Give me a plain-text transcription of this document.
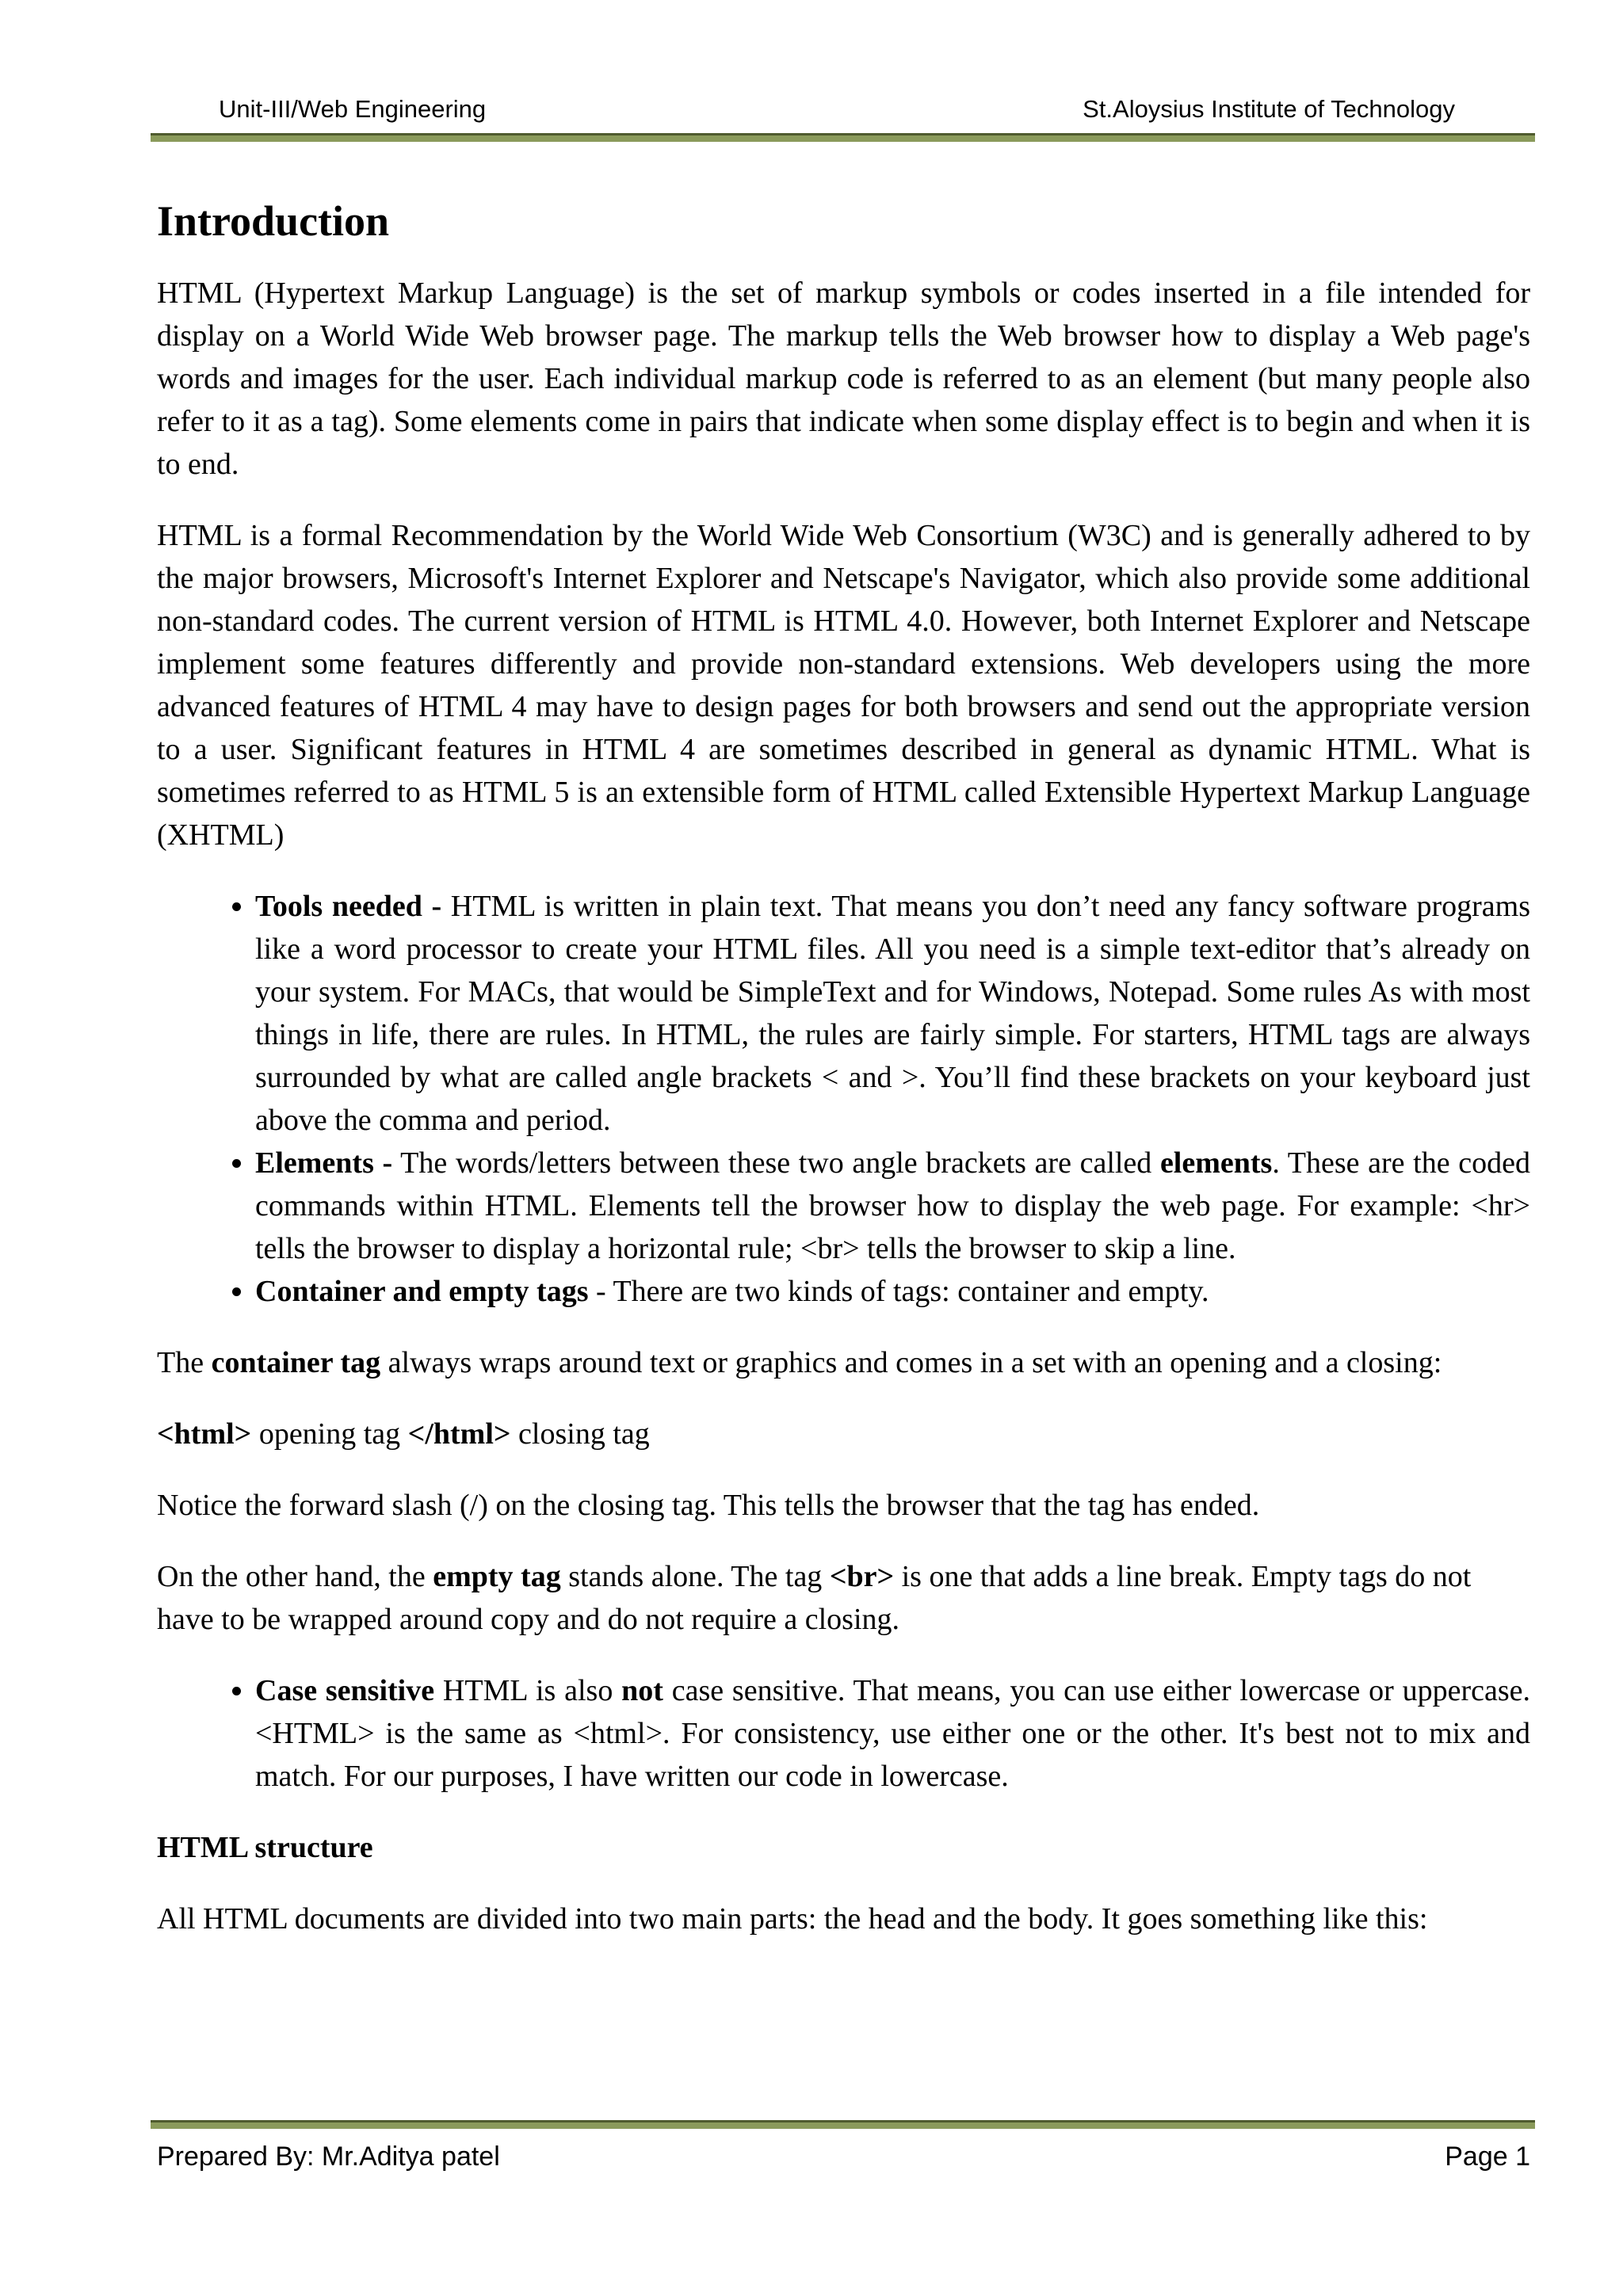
Unit-III/Web Engineering	St.Aloysius Institute of Technology
Introduction

HTML (Hypertext Markup Language) is the set of markup symbols or codes inserted in a file intended for display on a World Wide Web browser page. The markup tells the Web browser how to display a Web page's words and images for the user. Each individual markup code is referred to as an element (but many people also refer to it as a tag). Some elements come in pairs that indicate when some display effect is to begin and when it is to end.

HTML is a formal Recommendation by the World Wide Web Consortium (W3C) and is generally adhered to by the major browsers, Microsoft's Internet Explorer and Netscape's Navigator, which also provide some additional non-standard codes. The current version of HTML is HTML 4.0. However, both Internet Explorer and Netscape implement some features differently and provide non-standard extensions. Web developers using the more advanced features of HTML 4 may have to design pages for both browsers and send out the appropriate version to a user. Significant features in HTML 4 are sometimes described in general as dynamic HTML. What is sometimes referred to as HTML 5 is an extensible form of HTML called Extensible Hypertext Markup Language (XHTML)

• Tools needed - HTML is written in plain text. That means you don’t need any fancy software programs like a word processor to create your HTML files. All you need is a simple text-editor that’s already on your system. For MACs, that would be SimpleText and for Windows, Notepad. Some rules As with most things in life, there are rules. In HTML, the rules are fairly simple. For starters, HTML tags are always surrounded by what are called angle brackets < and >. You’ll find these brackets on your keyboard just above the comma and period.
• Elements - The words/letters between these two angle brackets are called elements. These are the coded commands within HTML. Elements tell the browser how to display the web page. For example: <hr> tells the browser to display a horizontal rule; <br> tells the browser to skip a line.
• Container and empty tags - There are two kinds of tags: container and empty.

The container tag always wraps around text or graphics and comes in a set with an opening and a closing:

<html> opening tag </html> closing tag

Notice the forward slash (/) on the closing tag. This tells the browser that the tag has ended.

On the other hand, the empty tag stands alone. The tag <br> is one that adds a line break. Empty tags do not have to be wrapped around copy and do not require a closing.

• Case sensitive HTML is also not case sensitive. That means, you can use either lowercase or uppercase. <HTML> is the same as <html>. For consistency, use either one or the other. It's best not to mix and match. For our purposes, I have written our code in lowercase.
HTML structure

All HTML documents are divided into two main parts: the head and the body. It goes something like this:

Prepared By: Mr.Aditya patel	Page 1
